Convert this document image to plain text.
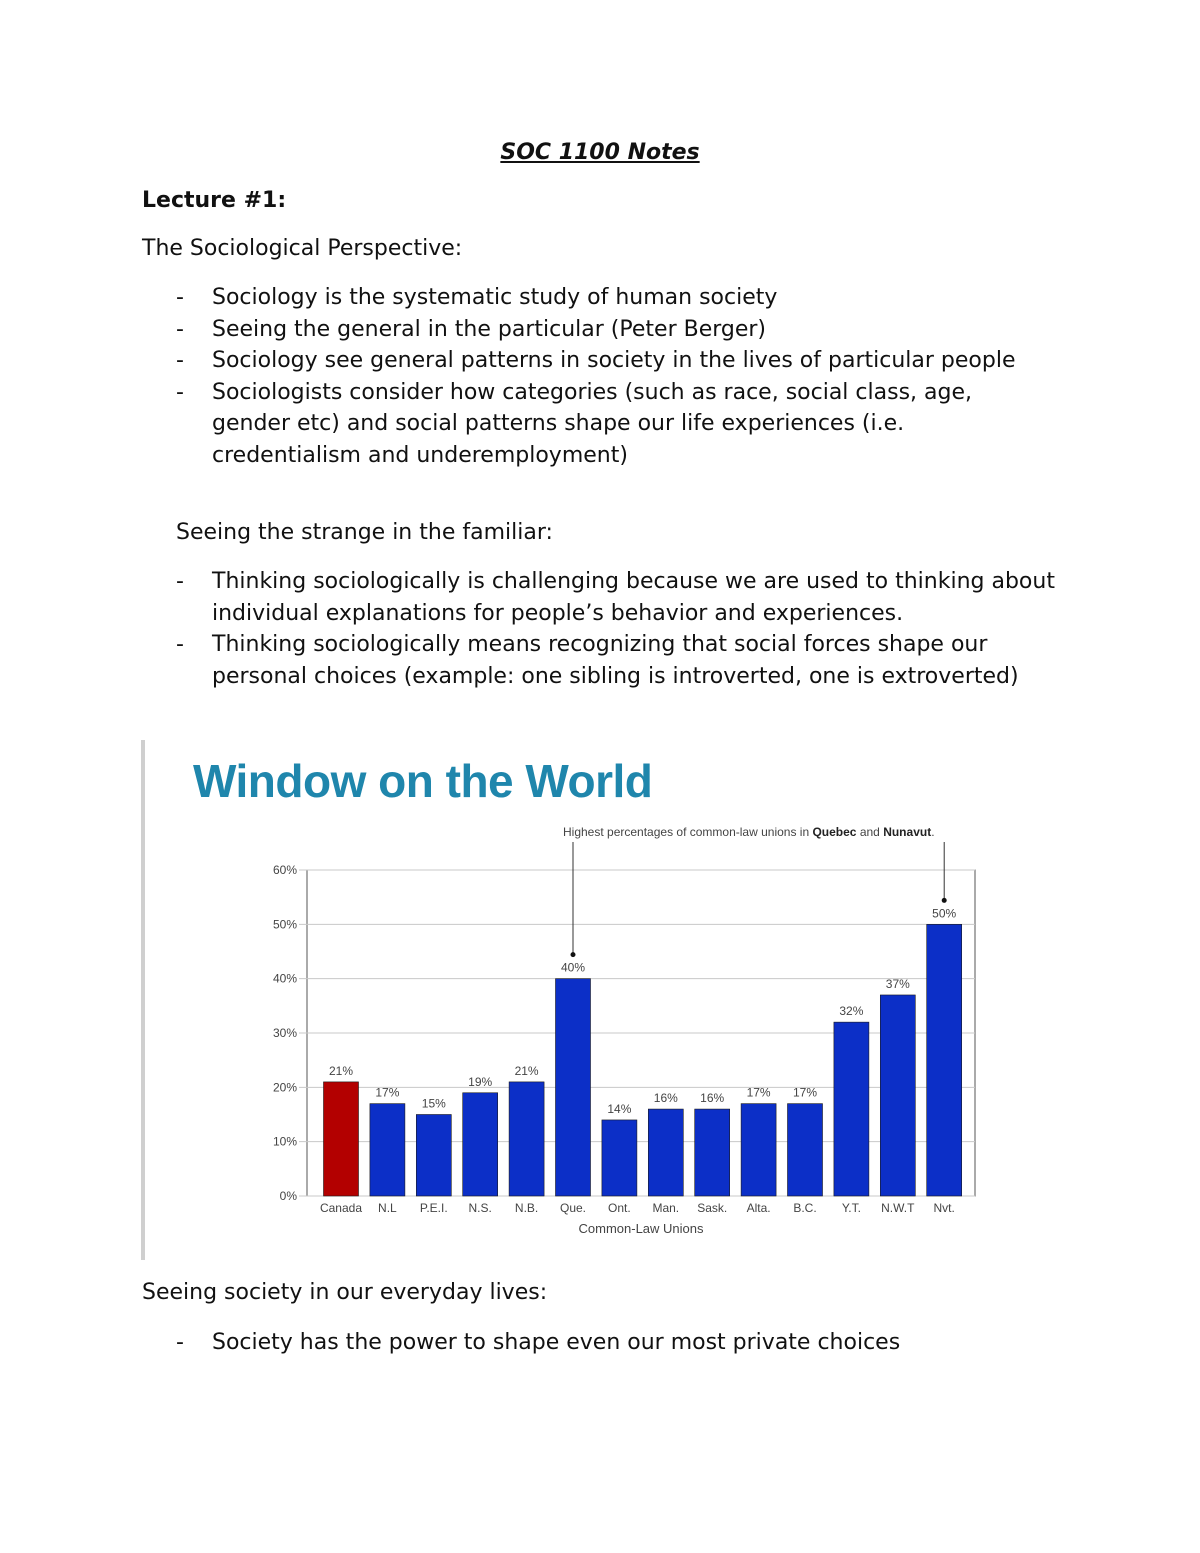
SOC 1100 Notes

Lecture #1:

The Sociological Perspective:

- Sociology is the systematic study of human society
- Seeing the general in the particular (Peter Berger)
- Sociology see general patterns in society in the lives of particular people
- Sociologists consider how categories (such as race, social class, age, gender etc) and social patterns shape our life experiences (i.e. credentialism and underemployment)

Seeing the strange in the familiar:

- Thinking sociologically is challenging because we are used to thinking about individual explanations for people’s behavior and experiences.
- Thinking sociologically means recognizing that social forces shape our personal choices (example: one sibling is introverted, one is extroverted)
Window on the World
0%
10%
20%
30%
40%
50%
60%
21%
Canada
17%
N.L
15%
P.E.I.
19%
N.S.
21%
N.B.
40%
Que.
14%
Ont.
16%
Man.
16%
Sask.
17%
Alta.
17%
B.C.
32%
Y.T.
37%
N.W.T
50%
Nvt.
Common-Law Unions
Highest percentages of common-law unions in Quebec and Nunavut.

Seeing society in our everyday lives:

- Society has the power to shape even our most private choices
